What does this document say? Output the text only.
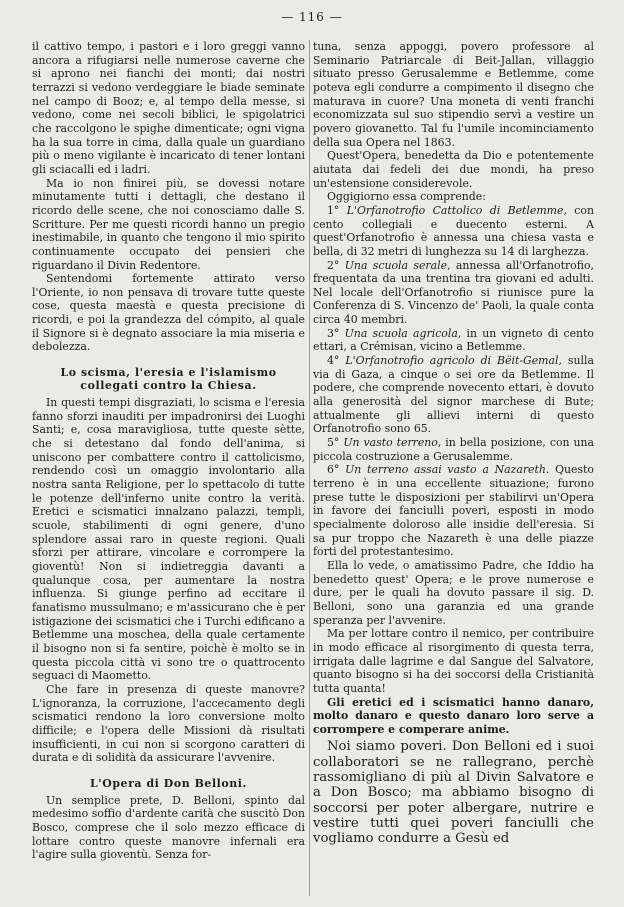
— 116 —

il cattivo tempo, i pastori e i loro greggi vanno ancora a rifugiarsi nelle numerose caverne che si aprono nei fianchi dei monti; dai nostri terrazzi si vedono verdeggiare le biade seminate nel campo di Booz; e, al tempo della messe, si vedono, come nei secoli biblici, le spigolatrici che raccolgono le spighe dimenticate; ogni vigna ha la sua torre in cima, dalla quale un guardiano più o meno vigilante è incaricato di tener lontani gli sciacalli ed i ladri.

Ma io non finirei più, se dovessi notare minutamente tutti i dettagli, che destano il ricordo delle scene, che noi conosciamo dalle S. Scritture. Per me questi ricordi hanno un pregio inestimabile, in quanto che tengono il mio spirito continuamente occupato dei pensieri che riguardano il Divin Redentore.

Sentendomi fortemente attirato verso l'Oriente, io non pensava di trovare tutte queste cose, questa maestà e questa precisione di ricordi, e poi la grandezza del cómpito, al quale il Signore si è degnato associare la mia miseria e debolezza.

Lo scisma, l'eresia e l'islamismo
collegati contro la Chiesa.

In questi tempi disgraziati, lo scisma e l'eresia fanno sforzi inauditi per impadronirsi dei Luoghi Santi; e, cosa maravigliosa, tutte queste sètte, che si detestano dal fondo dell'anima, si uniscono per combattere contro il cattolicismo, rendendo così un omaggio involontario alla nostra santa Religione, per lo spettacolo di tutte le potenze dell'inferno unite contro la verità. Eretici e scismatici innalzano palazzi, templi, scuole, stabilimenti di ogni genere, d'uno splendore assai raro in queste regioni. Quali sforzi per attirare, vincolare e corrompere la gioventù! Non si indietreggia davanti a qualunque cosa, per aumentare la nostra influenza. Si giunge perfino ad eccitare il fanatismo mussulmano; e m'assicurano che è per istigazione dei scismatici che i Turchi edificano a Betlemme una moschea, della quale certamente il bisogno non si fa sentire, poichè è molto se in questa piccola città vi sono tre o quattrocento seguaci di Maometto.

Che fare in presenza di queste manovre? L'ignoranza, la corruzione, l'accecamento degli scismatici rendono la loro conversione molto difficile; e l'opera delle Missioni dà risultati insufficienti, in cui non si scorgono caratteri di durata e di solidità da assicurare l'avvenire.

L'Opera di Don Belloni.

Un semplice prete, D. Belloni, spinto dal medesimo soffio d'ardente carità che suscitò Don Bosco, comprese che il solo mezzo efficace di lottare contro queste manovre infernali era l'agire sulla gioventù. Senza for-

tuna, senza appoggi, povero professore al Seminario Patriarcale di Beit-Jallan, villaggio situato presso Gerusalemme e Betlemme, come poteva egli condurre a compimento il disegno che maturava in cuore? Una moneta di venti franchi economizzata sul suo stipendio servì a vestire un povero giovanetto. Tal fu l'umile incominciamento della sua Opera nel 1863.

Quest'Opera, benedetta da Dio e potentemente aiutata dai fedeli dei due mondi, ha preso un'estensione considerevole.

Oggigiorno essa comprende:

1° L'Orfanotrofio Cattolico di Betlemme, con cento collegiali e duecento esterni. A quest'Orfanotrofio è annessa una chiesa vasta e bella, di 32 metri di lunghezza su 14 di larghezza.

2° Una scuola serale, annessa all'Orfanotrofio, frequentata da una trentina tra giovani ed adulti. Nel locale dell'Orfanotrofio si riunisce pure la Conferenza di S. Vincenzo de' Paoli, la quale conta circa 40 membri.

3° Una scuola agricola, in un vigneto di cento ettari, a Crémisan, vicino a Betlemme.

4° L'Orfanotrofio agricolo di Bëit-Gemal, sulla via di Gaza, a cinque o sei ore da Betlemme. Il podere, che comprende novecento ettari, è dovuto alla generosità del signor marchese di Bute; attualmente gli allievi interni di questo Orfanotrofio sono 65.

5° Un vasto terreno, in bella posizione, con una piccola costruzione a Gerusalemme.

6° Un terreno assai vasto a Nazareth. Questo terreno è in una eccellente situazione; furono prese tutte le disposizioni per stabilirvi un'Opera in favore dei fanciulli poveri, esposti in modo specialmente doloroso alle insidie dell'eresia. Si sa pur troppo che Nazareth è una delle piazze forti del protestantesimo.

Ella lo vede, o amatissimo Padre, che Iddio ha benedetto quest' Opera; e le prove numerose e dure, per le quali ha dovuto passare il sig. D. Belloni, sono una garanzia ed una grande speranza per l'avvenire.

Ma per lottare contro il nemico, per contribuire in modo efficace al risorgimento di questa terra, irrigata dalle lagrime e dal Sangue del Salvatore, quanto bisogno si ha dei soccorsi della Cristianità tutta quanta!

Gli eretici ed i scismatici hanno danaro, molto danaro e questo danaro loro serve a corrompere e comperare anime.

Noi siamo poveri. Don Belloni ed i suoi collaboratori se ne rallegrano, perchè rassomigliano di più al Divin Salvatore e a Don Bosco; ma abbiamo bisogno di soccorsi per poter albergare, nutrire e vestire tutti quei poveri fanciulli che vogliamo condurre a Gesù ed
